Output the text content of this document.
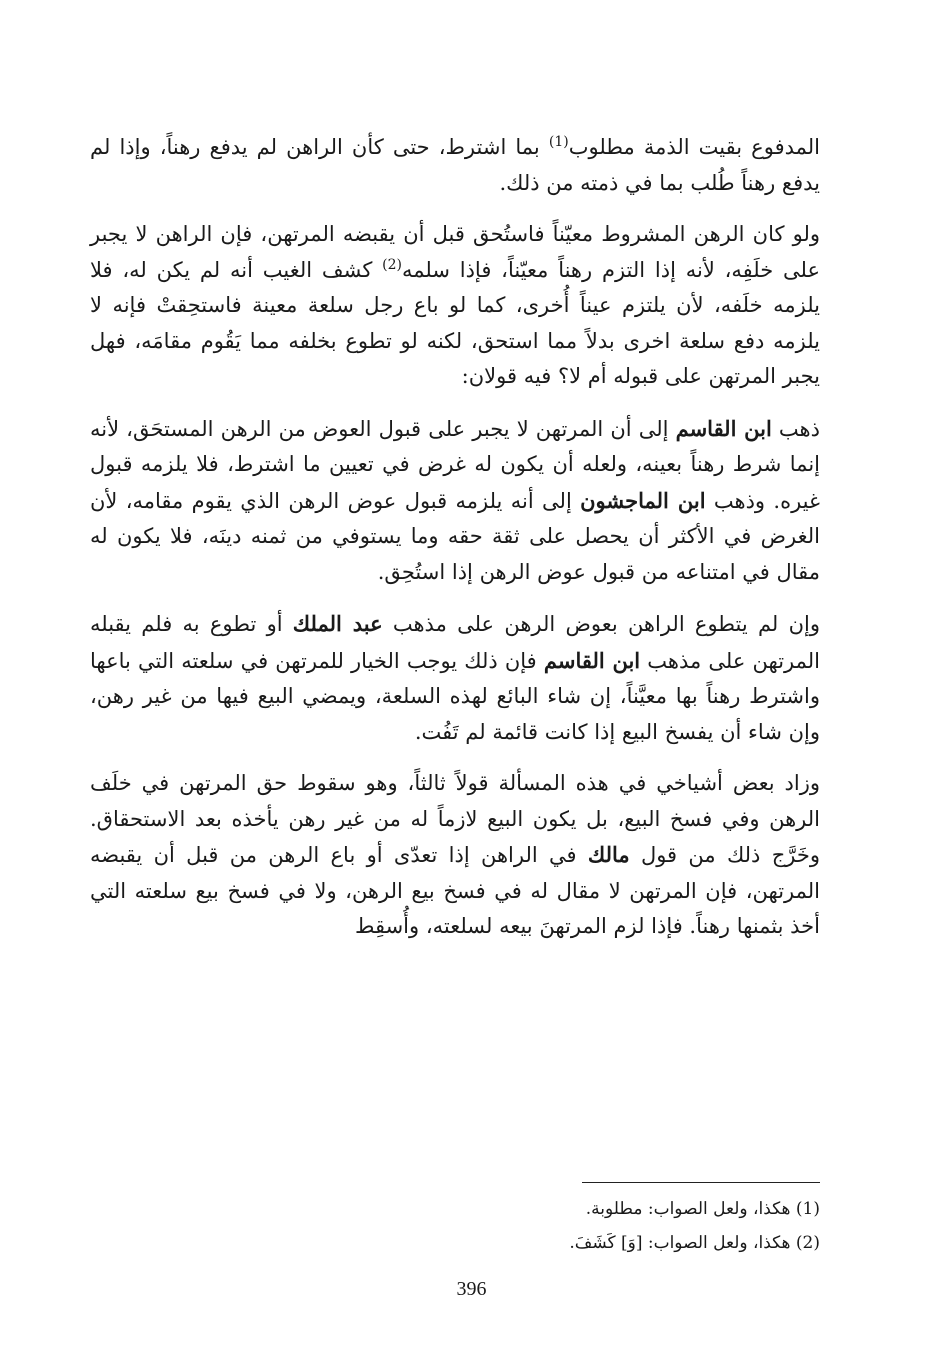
المدفوع بقيت الذمة مطلوب$^{(1)}$ بما اشترط، حتى كأن الراهن لم يدفع رهناً، وإذا لم يدفع رهناً طُلب بما في ذمته من ذلك.

ولو كان الرهن المشروط معيّناً فاستُحق قبل أن يقبضه المرتهن، فإن الراهن لا يجبر على خلَفِه، لأنه إذا التزم رهناً معيّناً، فإذا سلمه$^{(2)}$ كشف الغيب أنه لم يكن له، فلا يلزمه خلَفه، لأن يلتزم عيناً أُخرى، كما لو باع رجل سلعة معينة فاستحِقتْ فإنه لا يلزمه دفع سلعة اخرى بدلاً مما استحق، لكنه لو تطوع بخلفه مما يَقُوم مقامَه، فهل يجبر المرتهن على قبوله أم لا؟ فيه قولان:

ذهب ابن القاسم إلى أن المرتهن لا يجبر على قبول العوض من الرهن المستحَق، لأنه إنما شرط رهناً بعينه، ولعله أن يكون له غرض في تعيين ما اشترط، فلا يلزمه قبول غيره. وذهب ابن الماجشون إلى أنه يلزمه قبول عوض الرهن الذي يقوم مقامه، لأن الغرض في الأكثر أن يحصل على ثقة حقه وما يستوفي من ثمنه دينَه، فلا يكون له مقال في امتناعه من قبول عوض الرهن إذا استُحِق.

وإن لم يتطوع الراهن بعوض الرهن على مذهب عبد الملك أو تطوع به فلم يقبله المرتهن على مذهب ابن القاسم فإن ذلك يوجب الخيار للمرتهن في سلعته التي باعها واشترط رهناً بها معيَّناً، إن شاء البائع لهذه السلعة، ويمضي البيع فيها من غير رهن، وإن شاء أن يفسخ البيع إذا كانت قائمة لم تَفُت.

وزاد بعض أشياخي في هذه المسألة قولاً ثالثاً، وهو سقوط حق المرتهن في خلَف الرهن وفي فسخ البيع، بل يكون البيع لازماً له من غير رهن يأخذه بعد الاستحقاق. وخَرَّج ذلك من قول مالك في الراهن إذا تعدّى أو باع الرهن من قبل أن يقبضه المرتهن، فإن المرتهن لا مقال له في فسخ بيع الرهن، ولا في فسخ بيع سلعته التي أخذ بثمنها رهناً. فإذا لزم المرتهنَ بيعه لسلعته، وأُسقِط

(1) هكذا، ولعل الصواب: مطلوبة.

(2) هكذا، ولعل الصواب: [وَ] كَشَفَ.

396
